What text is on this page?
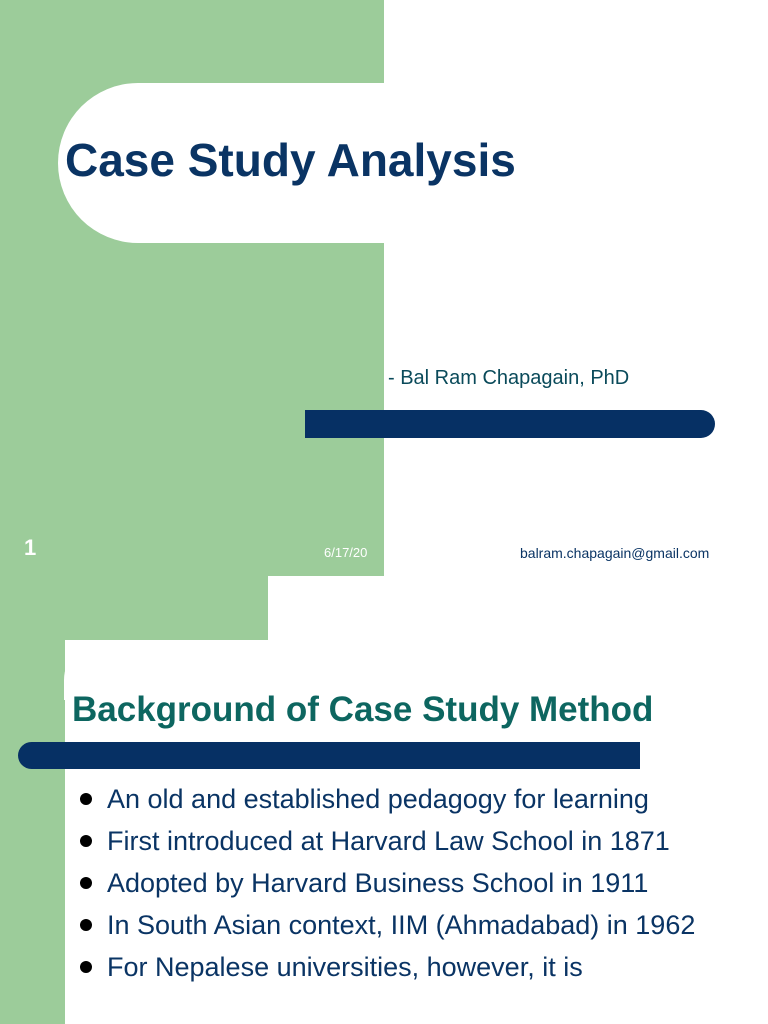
Case Study Analysis
- Bal Ram Chapagain, PhD
1	6/17/20	balram.chapagain@gmail.com
Background of Case Study Method
An old and established pedagogy for learning
First introduced at Harvard Law School in 1871
Adopted by Harvard Business School in 1911
In South Asian context, IIM (Ahmadabad) in 1962
For Nepalese universities, however, it is
